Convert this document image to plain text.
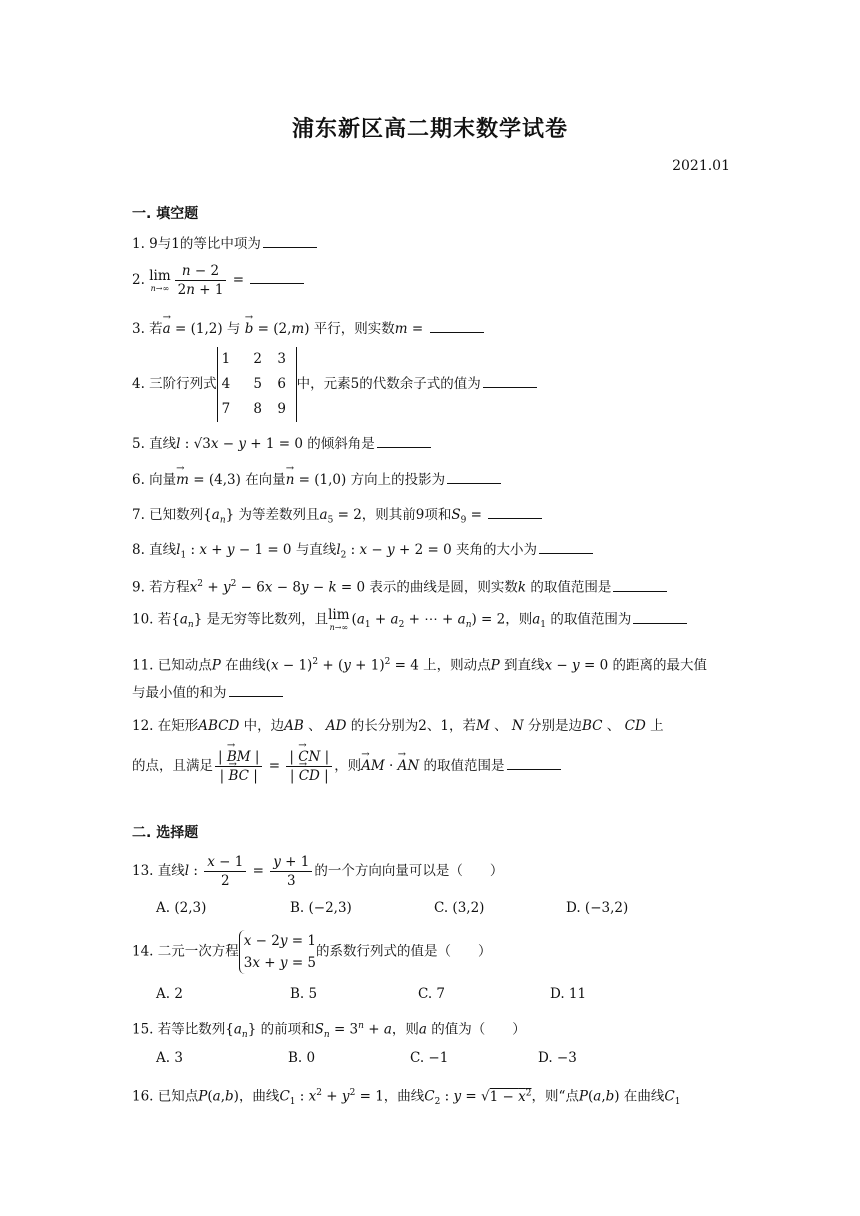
浦东新区高二期末数学试卷
2021.01
一. 填空题
1. 9与1的等比中项为
2. lim
$n\to\infty \frac{n - 2}{2n + 1}$ =
3. 若→ a = (1,2) 与 → b = (2,m) 平行，则实数m =
4. 三阶行列式
1	2	3
4	5	6
7	8	9
中，元素5的代数余子式的值为
5. 直线l : √3x − y + 1 = 0 的倾斜角是
6. 向量→ m = (4,3) 在向量→ n = (1,0) 方向上的投影为
7. 已知数列$\{a_n\}$ 为等差数列且$a_5 = 2$，则其前9项和$S_9$ =
8. 直线$l_1$ : x + y − 1 = 0 与直线$l_2$ : x − y + 2 = 0 夹角的大小为
9. 若方程$x^2 + y^2 - 6x - 8y - k = 0$ 表示的曲线是圆，则实数k 的取值范围是
10. 若$\{a_n\}$ 是无穷等比数列，且 lim
n→∞ ($a_1 + a_2$ + ⋯ + $a_n) = 2$，则$a_1$ 的取值范围为
11. 已知动点P 在曲线$(x - 1)^2 + (y + 1)^2 = 4$ 上，则动点P 到直线x − y = 0 的距离的最大值
与最小值的和为
12. 在矩形ABCD 中，边AB 、 AD 的长分别为2、1，若M 、 N 分别是边BC 、 CD 上
的点，且满足 $\frac{| \to BM |}{| \to BC |} = \frac{| \to CN |}{| \to CD |}$ ，则→ AM · → AN 的取值范围是
二. 选择题
13. 直线l : $\frac{x - 1}{2} = \frac{y + 1}{3}$ 的一个方向向量可以是（　　）
A. (2,3)	B. (−2,3)	C. (3,2)	D. (−3,2)
14. 二元一次方程
x − 2y = 1
3x + y = 5
的系数行列式的值是（　　）
A. 2	B. 5	C. 7	D. 11
15. 若等比数列$\{a_n\}$ 的前项和$S_n = 3^n + a$，则a 的值为（　　）
A. 3	B. 0	C. −1	D. −3
16. 已知点P(a,b)，曲线$C_1$ : $x^2 + y^2 = 1$，曲线$C_2$ : $y = √1 - x^2$，则“点P(a,b) 在曲线$C_1$
